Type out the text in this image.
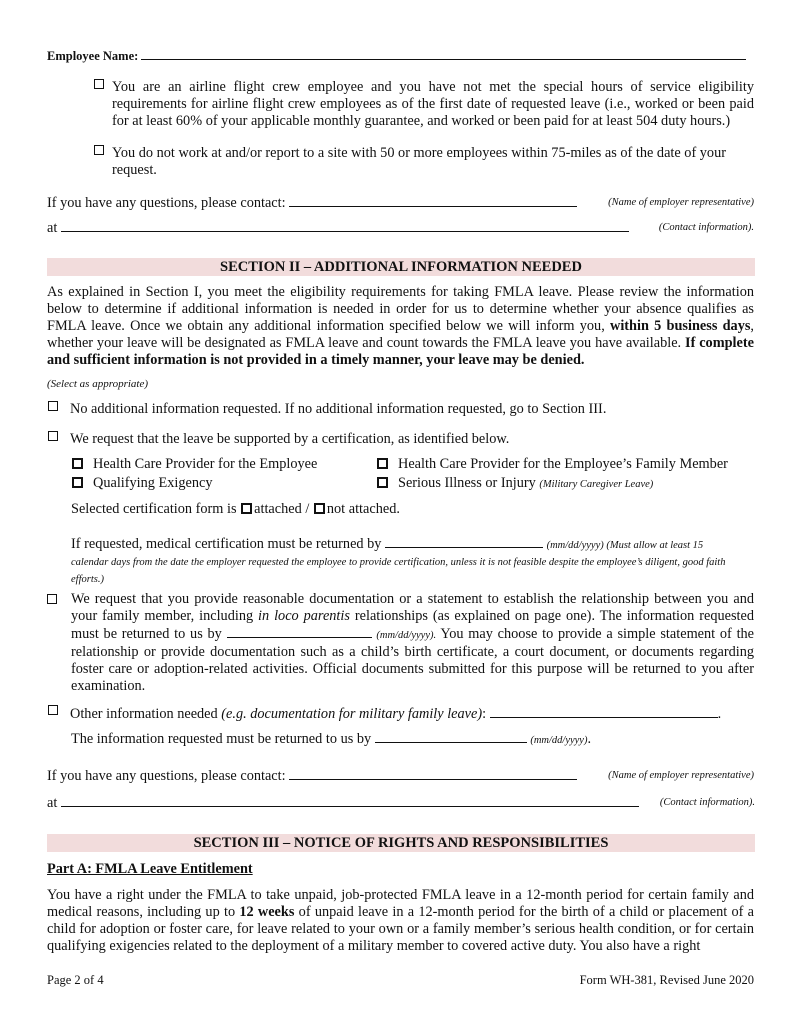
Employee Name:
You are an airline flight crew employee and you have not met the special hours of service eligibility requirements for airline flight crew employees as of the first date of requested leave (i.e., worked or been paid for at least 60% of your applicable monthly guarantee, and worked or been paid for at least 504 duty hours.)
You do not work at and/or report to a site with 50 or more employees within 75-miles as of the date of your request.
If you have any questions, please contact:	(Name of employer representative)
at	(Contact information).
SECTION II – ADDITIONAL INFORMATION NEEDED
As explained in Section I, you meet the eligibility requirements for taking FMLA leave. Please review the information below to determine if additional information is needed in order for us to determine whether your absence qualifies as FMLA leave. Once we obtain any additional information specified below we will inform you, within 5 business days, whether your leave will be designated as FMLA leave and count towards the FMLA leave you have available. If complete and sufficient information is not provided in a timely manner, your leave may be denied.
(Select as appropriate)
No additional information requested. If no additional information requested, go to Section III.
We request that the leave be supported by a certification, as identified below.
Health Care Provider for the Employee	Health Care Provider for the Employee’s Family Member
Qualifying Exigency	Serious Illness or Injury (Military Caregiver Leave)
Selected certification form is attached / not attached.
If requested, medical certification must be returned by	(mm/dd/yyyy) (Must allow at least 15 calendar days from the date the employer requested the employee to provide certification, unless it is not feasible despite the employee’s diligent, good faith efforts.)
We request that you provide reasonable documentation or a statement to establish the relationship between you and your family member, including in loco parentis relationships (as explained on page one). The information requested must be returned to us by	(mm/dd/yyyy). You may choose to provide a simple statement of the relationship or provide documentation such as a child’s birth certificate, a court document, or documents regarding foster care or adoption-related activities. Official documents submitted for this purpose will be returned to you after examination.
Other information needed (e.g. documentation for military family leave):	.
The information requested must be returned to us by	(mm/dd/yyyy).
If you have any questions, please contact:	(Name of employer representative)
at	(Contact information).
SECTION III – NOTICE OF RIGHTS AND RESPONSIBILITIES
Part A: FMLA Leave Entitlement
You have a right under the FMLA to take unpaid, job-protected FMLA leave in a 12-month period for certain family and medical reasons, including up to 12 weeks of unpaid leave in a 12-month period for the birth of a child or placement of a child for adoption or foster care, for leave related to your own or a family member’s serious health condition, or for certain qualifying exigencies related to the deployment of a military member to covered active duty. You also have a right
Page 2 of 4	Form WH-381, Revised June 2020
